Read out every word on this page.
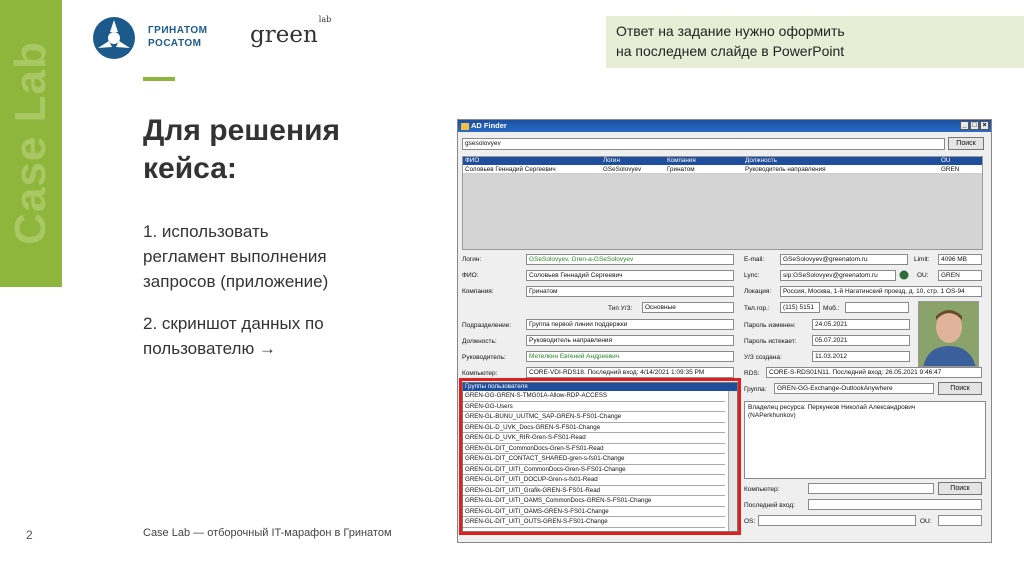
Case Lab
ГРИНАТОМ
РОСАТОМ green$^{lab}$
Для решения
кейса:
1. использовать
регламент выполнения
запросов (приложение)
2. скриншот данных по
пользователю →
Ответ на задание нужно оформить
на последнем слайде в PowerPoint
2	Case Lab — отборочный IT-марафон в Гринатом
AD Finder	_ □ ×
gsesolovyev	Поиск
ФИО	Логин	Компания	Должность	OU
Соловьев Геннадий Сергеевич	GSeSolovyev	Гринатом	Руководитель направления	GREN
Логин:	GSeSolovyev, Gren-a-GSeSolovyev
ФИО:	Соловьев Геннадий Сергеевич
Компания:	Гринатом
Тип У/З:	Основные
Подразделение:	Группа первой линии поддержки
Должность:	Руководитель направления
Руководитель:	Метелкин Евгений Андреевич
Компьютер:	CORE-VDI-RDS18. Последний вход: 4/14/2021 1:09:35 PM
E-mail:	GSeSolovyev@greenatom.ru	Limit:	4096 MB
Lync:	sip:GSeSolovyev@greenatom.ru	OU:	GREN
Локация:	Россия, Москва, 1-й Нагатинский проезд, д. 10, стр. 1 OS-94
Тел.гор.:	(115) 5151	Моб.:
Пароль изменен:	24.05.2021
Пароль истекает:	05.07.2021
У/З создана:	11.03.2012
RDS:	CORE-S-RDS01N11. Последний вход: 26.05.2021 9:46:47
Группы пользователя
GREN-GG-GREN-S-TMG01A-Allow-RDP-ACCESS
GREN-GG-Users
GREN-GL-BUNU_UUTMC_SAP-GREN-S-FS01-Change
GREN-GL-D_UVK_Docs-GREN-S-FS01-Change
GREN-GL-D_UVK_RIR-Gren-S-FS01-Read
GREN-GL-DIT_CommonDocs-Gren-S-FS01-Read
GREN-GL-DIT_CONTACT_SHARED-gren-s-fs01-Change
GREN-GL-DIT_UITI_CommonDocs-Gren-S-FS01-Change
GREN-GL-DIT_UITI_DOCUP-Gren-s-fs01-Read
GREN-GL-DIT_UITI_Grafik-GREN-S-FS01-Read
GREN-GL-DIT_UITI_OAMS_CommonDocs-GREN-S-FS01-Change
GREN-GL-DIT_UITI_OAMS-GREN-S-FS01-Change
GREN-GL-DIT_UITI_OUTS-GREN-S-FS01-Change
Группа:	GREN-GG-Exchange-OutlookAnywhere	Поиск
Владелец ресурса: Перкунков Николай Александрович
(NAPerkhunkov)
Компьютер:	Поиск
Последний вход:
OS:	OU:
